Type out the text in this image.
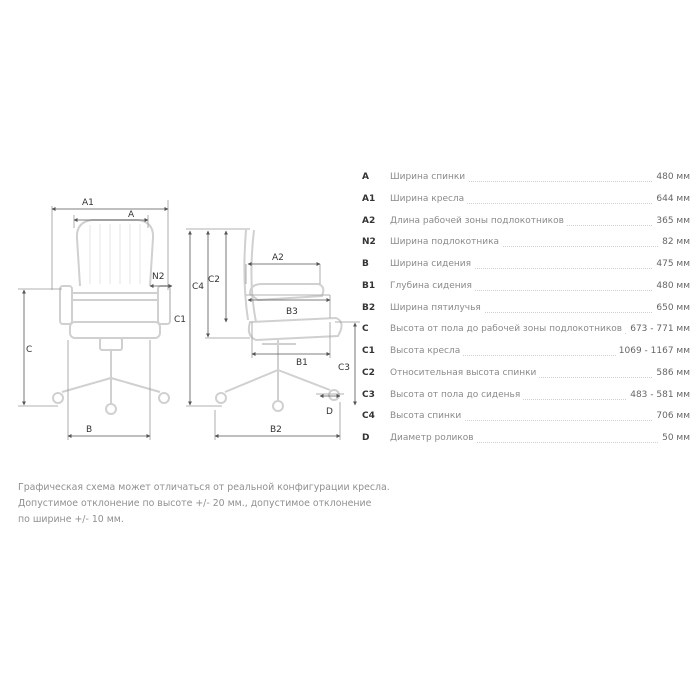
A1
A
N2
C
B
C4
C2
C1
A2
B3
B1	C3
D
B2
A	Ширина спинки	480 мм
A1	Ширина кресла	644 мм
A2	Длина рабочей зоны подлокотников	365 мм
N2	Ширина подлокотника	82 мм
B	Ширина сидения	475 мм
B1	Глубина сидения	480 мм
B2	Ширина пятилучья	650 мм
C	Высота от пола до рабочей зоны подлокотников 673 - 771 мм
C1	Высота кресла	1069 - 1167 мм
C2	Относительная высота спинки	586 мм
C3	Высота от пола до сиденья	483 - 581 мм
C4	Высота спинки	706 мм
D	Диаметр роликов	50 мм
Графическая схема может отличаться от реальной конфигурации кресла.
Допустимое отклонение по высоте +/- 20 мм., допустимое отклонение
по ширине +/- 10 мм.
